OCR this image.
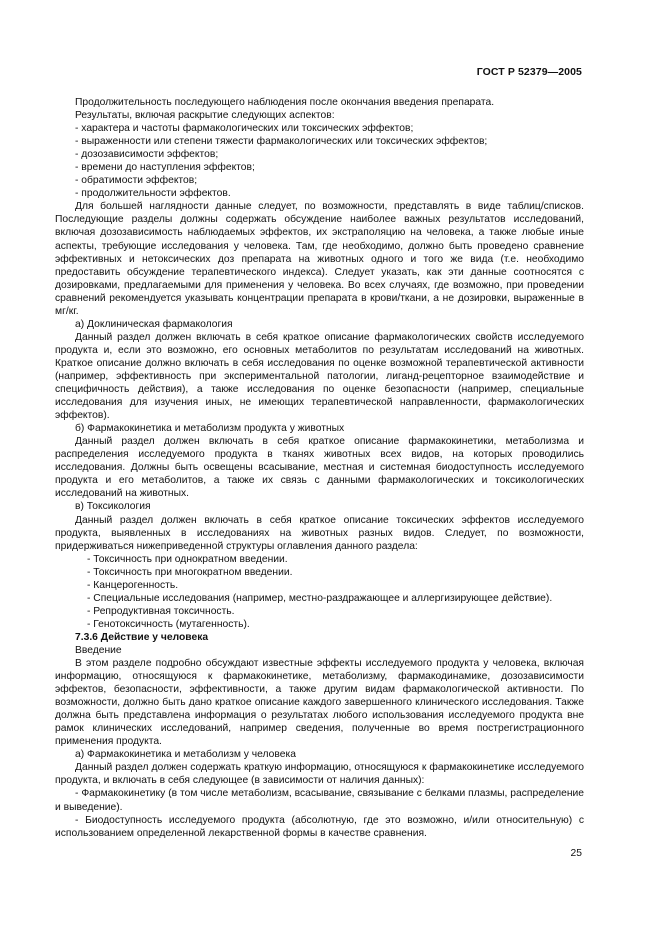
ГОСТ Р 52379—2005

Продолжительность последующего наблюдения после окончания введения препарата.

Результаты, включая раскрытие следующих аспектов:

- характера и частоты фармакологических или токсических эффектов;

- выраженности или степени тяжести фармакологических или токсических эффектов;

- дозозависимости эффектов;

- времени до наступления эффектов;

- обратимости эффектов;

- продолжительности эффектов.

Для большей наглядности данные следует, по возможности, представлять в виде таблиц/списков. Последующие разделы должны содержать обсуждение наиболее важных результатов исследований, включая дозозависимость наблюдаемых эффектов, их экстраполяцию на человека, а также любые иные аспекты, требующие исследования у человека. Там, где необходимо, должно быть проведено сравнение эффективных и нетоксических доз препарата на животных одного и того же вида (т.е. необходимо предоставить обсуждение терапевтического индекса). Следует указать, как эти данные соотносятся с дозировками, предлагаемыми для применения у человека. Во всех случаях, где возможно, при проведении сравнений рекомендуется указывать концентрации препарата в крови/ткани, а не дозировки, выраженные в мг/кг.

а) Доклиническая фармакология

Данный раздел должен включать в себя краткое описание фармакологических свойств исследуемого продукта и, если это возможно, его основных метаболитов по результатам исследований на животных. Краткое описание должно включать в себя исследования по оценке возможной терапевтической активности (например, эффективность при экспериментальной патологии, лиганд-рецепторное взаимодействие и специфичность действия), а также исследования по оценке безопасности (например, специальные исследования для изучения иных, не имеющих терапевтической направленности, фармакологических эффектов).

б) Фармакокинетика и метаболизм продукта у животных

Данный раздел должен включать в себя краткое описание фармакокинетики, метаболизма и распределения исследуемого продукта в тканях животных всех видов, на которых проводились исследования. Должны быть освещены всасывание, местная и системная биодоступность исследуемого продукта и его метаболитов, а также их связь с данными фармакологических и токсикологических исследований на животных.

в) Токсикология

Данный раздел должен включать в себя краткое описание токсических эффектов исследуемого продукта, выявленных в исследованиях на животных разных видов. Следует, по возможности, придерживаться нижеприведенной структуры оглавления данного раздела:

- Токсичность при однократном введении.

- Токсичность при многократном введении.

- Канцерогенность.

- Специальные исследования (например, местно-раздражающее и аллергизирующее действие).

- Репродуктивная токсичность.

- Генотоксичность (мутагенность).

7.3.6 Действие у человека

Введение

В этом разделе подробно обсуждают известные эффекты исследуемого продукта у человека, включая информацию, относящуюся к фармакокинетике, метаболизму, фармакодинамике, дозозависимости эффектов, безопасности, эффективности, а также другим видам фармакологической активности. По возможности, должно быть дано краткое описание каждого завершенного клинического исследования. Также должна быть представлена информация о результатах любого использования исследуемого продукта вне рамок клинических исследований, например сведения, полученные во время пострегистрационного применения продукта.

а) Фармакокинетика и метаболизм у человека

Данный раздел должен содержать краткую информацию, относящуюся к фармакокинетике исследуемого продукта, и включать в себя следующее (в зависимости от наличия данных):

- Фармакокинетику (в том числе метаболизм, всасывание, связывание с белками плазмы, распределение и выведение).

- Биодоступность исследуемого продукта (абсолютную, где это возможно, и/или относительную) с использованием определенной лекарственной формы в качестве сравнения.

25
